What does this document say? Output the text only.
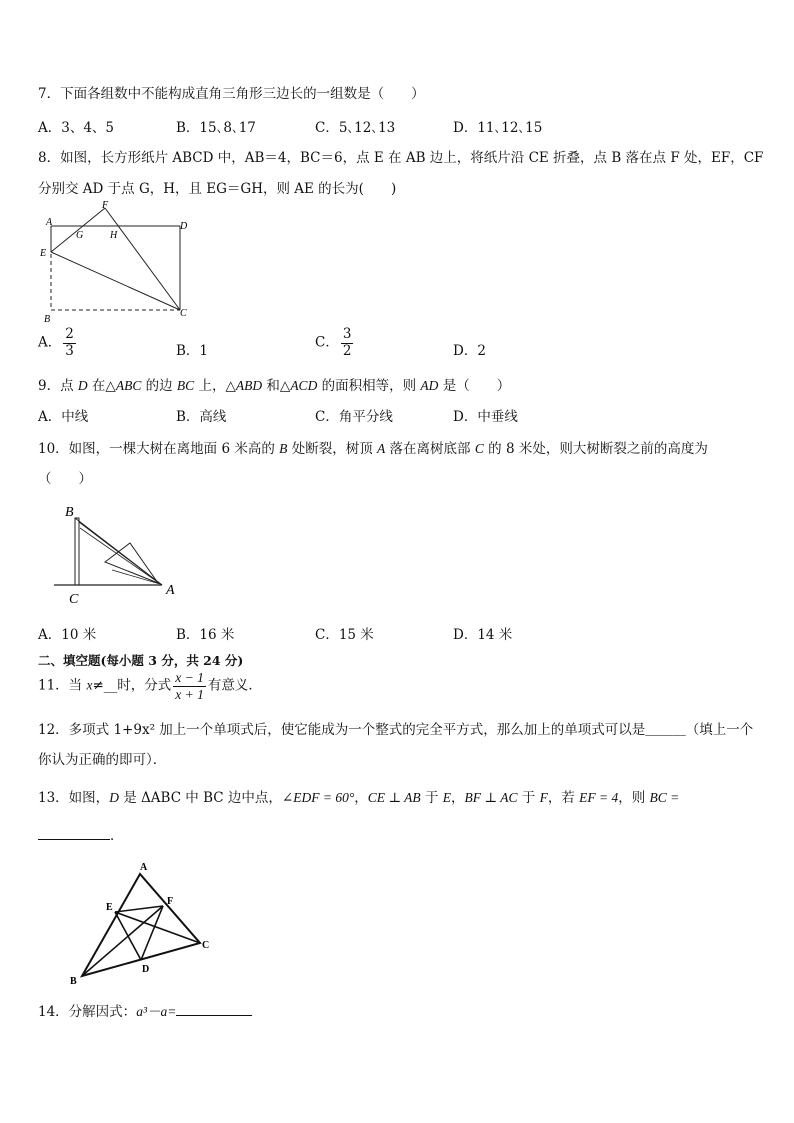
7．下面各组数中不能构成直角三角形三边长的一组数是（　　）
A．3、4、5	B．15､8､17	C．5､12､13	D．11､12､15
8．如图，长方形纸片 ABCD 中，AB＝4，BC＝6，点 E 在 AB 边上，将纸片沿 CE 折叠，点 B 落在点 F 处，EF，CF
分别交 AD 于点 G，H，且 EG＝GH，则 AE 的长为(　　)
A
B
C
D
E
F
G	H
A． $\frac{2}{3}$	B．1
C． $\frac{3}{2}$	D．2
9．点 D 在△ABC 的边 BC 上，△ABD 和△ACD 的面积相等，则 AD 是（　　）
A．中线	B．高线	C．角平分线	D．中垂线
10．如图，一棵大树在离地面 6 米高的 B 处断裂，树顶 A 落在离树底部 C 的 8 米处，则大树断裂之前的高度为
（　　）
B
C
A
A．10 米	B．16 米	C．15 米	D．14 米
二、填空题(每小题 3 分，共 24 分)
11．当 x≠__时，分式 $\frac{x - 1}{x + 1}$ 有意义．
12．多项式 1+9x² 加上一个单项式后，使它能成为一个整式的完全平方式，那么加上的单项式可以是＿＿＿（填上一个
你认为正确的即可）．
13．如图，D 是 ΔABC 中 BC 边中点，∠EDF = 60°，CE ⊥ AB 于 E，BF ⊥ AC 于 F，若 EF = 4，则 BC =
．
A
B
C
D
E
F
14．分解因式：a³－a=
